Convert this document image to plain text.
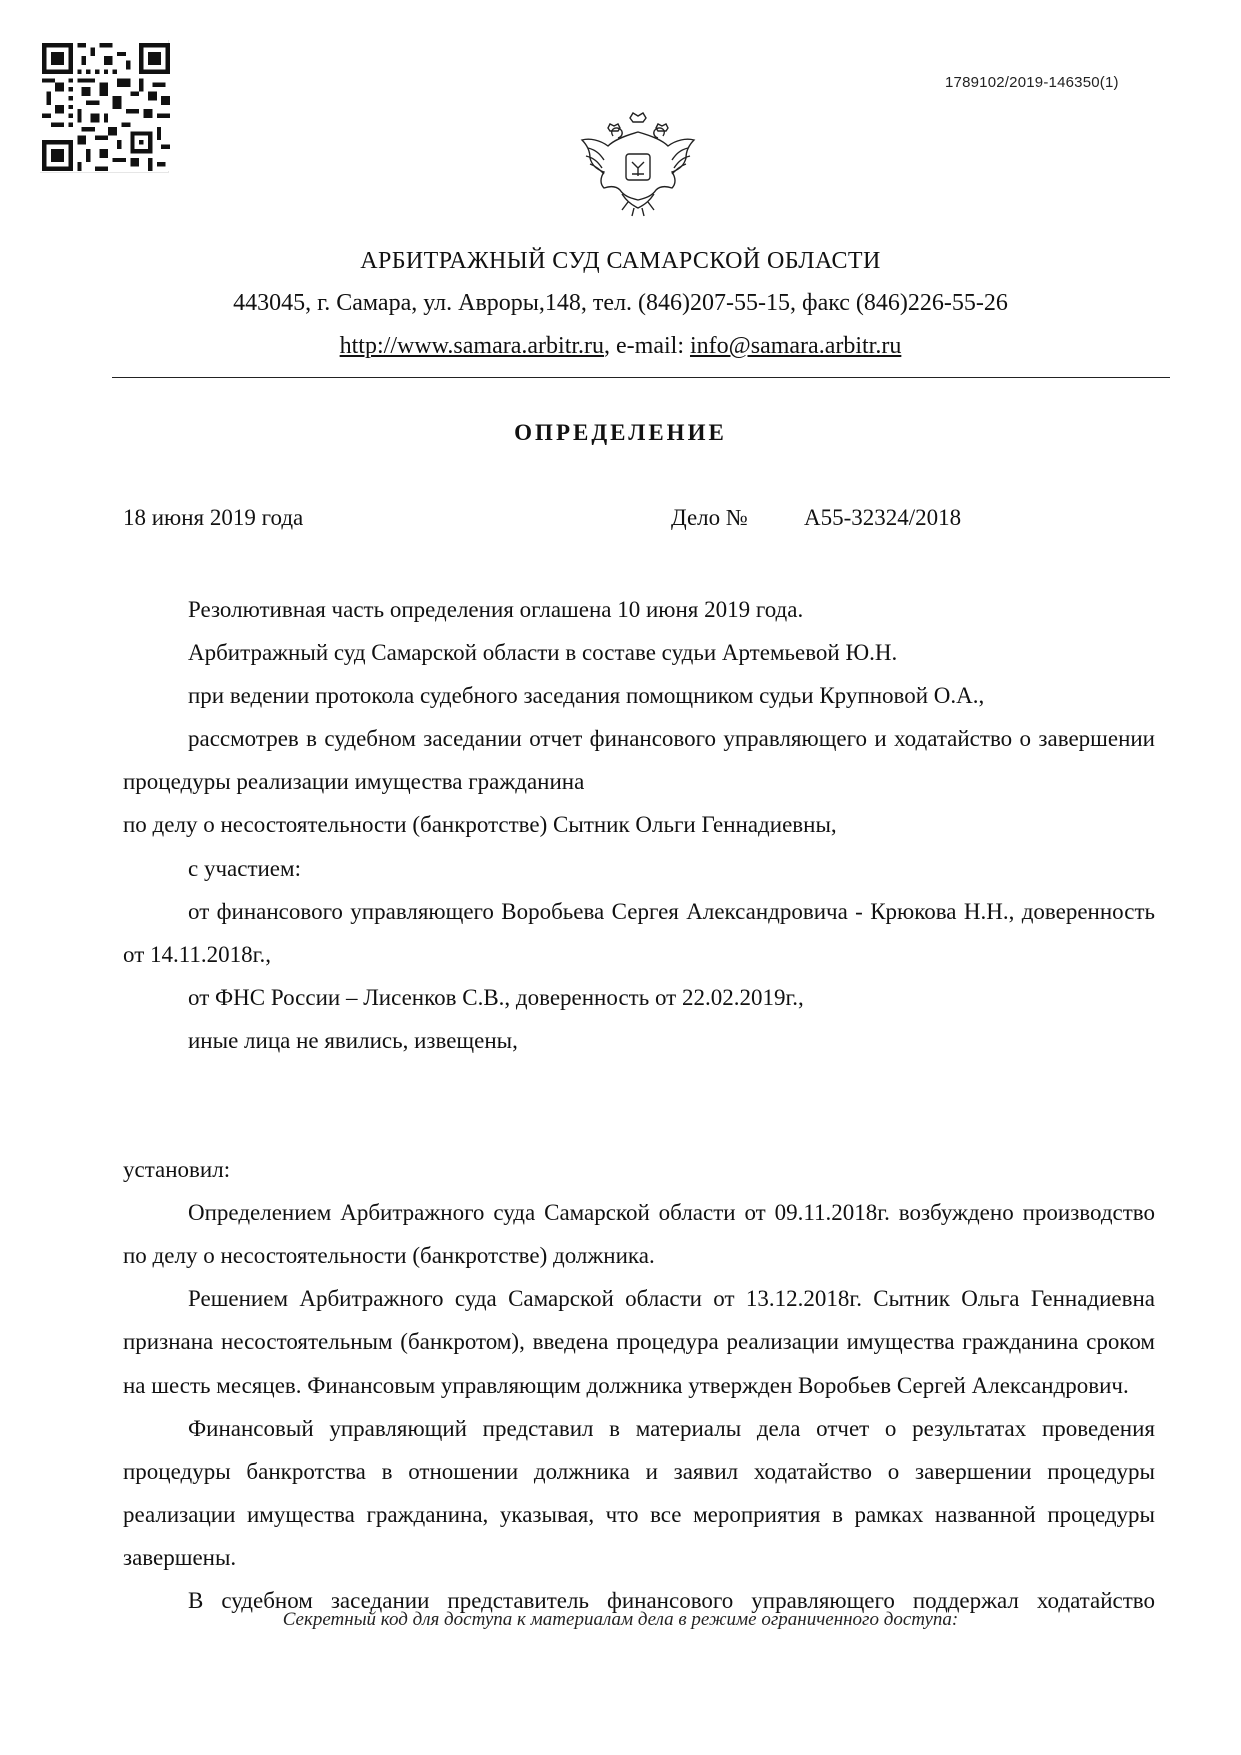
1789102/2019-146350(1)
АРБИТРАЖНЫЙ СУД САМАРСКОЙ ОБЛАСТИ
443045, г. Самара, ул. Авроры,148, тел. (846)207-55-15, факс (846)226-55-26
http://www.samara.arbitr.ru, e-mail: info@samara.arbitr.ru
ОПРЕДЕЛЕНИЕ
18 июня 2019 года	Дело № А55-32324/2018

Резолютивная часть определения оглашена 10 июня 2019 года.

Арбитражный суд Самарской области в составе судьи Артемьевой Ю.Н.

при ведении протокола судебного заседания помощником судьи Крупновой О.А.,

рассмотрев в судебном заседании отчет финансового управляющего и ходатайство о завершении процедуры реализации имущества гражданина

по делу о несостоятельности (банкротстве) Сытник Ольги Геннадиевны,

с участием:

от финансового управляющего Воробьева Сергея Александровича - Крюкова Н.Н., доверенность от 14.11.2018г.,

от ФНС России – Лисенков С.В., доверенность от 22.02.2019г.,

иные лица не явились, извещены,

установил:

Определением Арбитражного суда Самарской области от 09.11.2018г. возбуждено производство по делу о несостоятельности (банкротстве) должника.

Решением Арбитражного суда Самарской области от 13.12.2018г. Сытник Ольга Геннадиевна признана несостоятельным (банкротом), введена процедура реализации имущества гражданина сроком на шесть месяцев. Финансовым управляющим должника утвержден Воробьев Сергей Александрович.

Финансовый управляющий представил в материалы дела отчет о результатах проведения процедуры банкротства в отношении должника и заявил ходатайство о завершении процедуры реализации имущества гражданина, указывая, что все мероприятия в рамках названной процедуры завершены.

В судебном заседании представитель финансового управляющего поддержал ходатайство

Секретный код для доступа к материалам дела в режиме ограниченного доступа:
